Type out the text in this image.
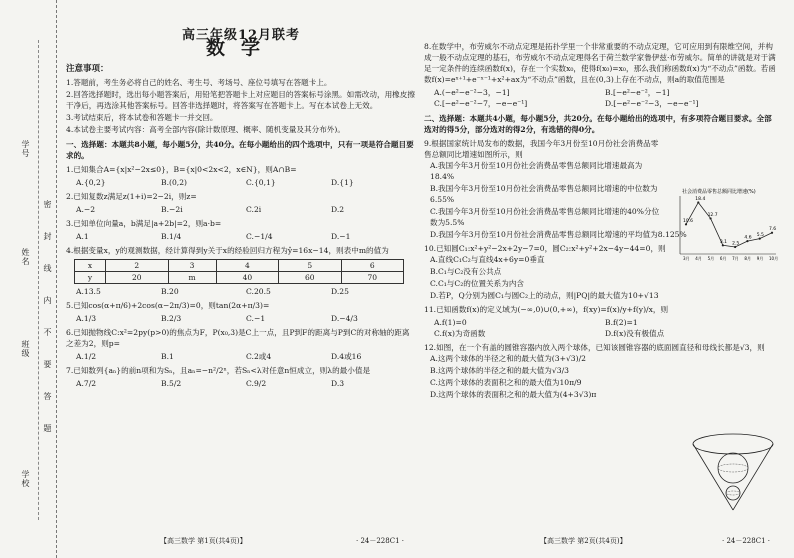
学号
姓名
班级
学校
密
封
线
内
不
要
答
题
高三年级12月联考
数学
注意事项：
1.答题前，考生务必将自己的姓名、考生号、考场号、座位号填写在答题卡上。
2.回答选择题时，选出每小题答案后，用铅笔把答题卡上对应题目的答案标号涂黑。如需改动，用橡皮擦干净后，再选涂其他答案标号。回答非选择题时，将答案写在答题卡上。写在本试卷上无效。
3.考试结束后，将本试卷和答题卡一并交回。
4.本试卷主要考试内容：高考全部内容(除计数原理、概率、随机变量及其分布外)。
一、选择题：本题共8小题，每小题5分，共40分。在每小题给出的四个选项中，只有一项是符合题目要求的。
1.已知集合A={x|x²−2x≤0}，B={x|0<2x<2，x∈N}，则A∩B=
A.{0,2}	B.(0,2)	C.{0,1}	D.{1}
2.已知复数z满足z(1+i)=2−2i，则z=
A.−2	B.−2i	C.2i	D.2
3.已知单位向量a，b满足|a+2b|=2，则a·b=
A.1	B.1/4	C.−1/4	D.−1
4.根据变量x，y的观测数据，经计算得到y关于x的经验回归方程为ŷ=16x−14，则表中m的值为
x	2	3	4	5	6
y	20	m	40	60	70
A.13.5	B.20	C.20.5	D.25
5.已知cos(α+π/6)+2cos(α−2π/3)=0，则tan(2α+π/3)=
A.1/3	B.2/3	C.−1	D.−4/3
6.已知抛物线C:x²=2py(p>0)的焦点为F，P(x₀,3)是C上一点，且P到F的距离与P到C的对称轴的距离之差为2，则p=
A.1/2	B.1	C.2或4	D.4或16
7.已知数列{aₙ}的前n项和为Sₙ，且aₙ=−n²/2ⁿ，若Sₙ<λ对任意n恒成立，则λ的最小值是
A.7/2	B.5/2	C.9/2	D.3
8.在数学中，布劳威尔不动点定理是拓扑学里一个非常重要的不动点定理，它可应用到有限维空间，并构成一般不动点定理的基石，布劳威尔不动点定理得名于荷兰数学家鲁伊兹·布劳威尔。简单的讲就是对于满足一定条件的连续函数f(x)，存在一个实数x₀，使得f(x₀)=x₀，那么我们称函数f(x)为“不动点”函数。若函数f(x)=eˣ⁺¹+e⁻ˣ⁻¹+x²+ax为“不动点”函数，且在(0,3)上存在不动点，则a的取值范围是
A.(−e²−e⁻²−3，−1]	B.[−e²−e⁻²，−1]
C.[−e²−e⁻²−7，−e−e⁻¹]	D.[−e²−e⁻²−3，−e−e⁻¹]
二、选择题：本题共4小题，每小题5分，共20分。在每小题给出的选项中，有多项符合题目要求。全部选对的得5分，部分选对的得2分，有选错的得0分。
9.根据国家统计局发布的数据，我国今年3月份至10月份社会消费品零售总额同比增速如图所示，则
A.我国今年3月份至10月份社会消费品零售总额同比增速最高为18.4%
B.我国今年3月份至10月份社会消费品零售总额同比增速的中位数为6.55%
C.我国今年3月份至10月份社会消费品零售总额同比增速的40%分位数为5.5%
D.我国今年3月份至10月份社会消费品零售总额同比增速的平均值为8.125%
10.已知圆C₁:x²+y²−2x+2y−7=0，圆C₂:x²+y²+2x−4y−44=0，则
A.直线C₁C₂与直线4x+6y=0垂直
B.C₁与C₂没有公共点
C.C₁与C₂的位置关系为内含
D.若P，Q分别为圆C₁与圆C₂上的动点，则|PQ|的最大值为10+√13
11.已知函数f(x)的定义域为(−∞,0)∪(0,+∞)，f(xy)=f(x)/y+f(y)/x，则
A.f(1)=0	B.f(2)=1
C.f(x)为奇函数	D.f(x)没有极值点
12.如图，在一个有盖的圆锥容器内放入两个球体，已知该圆锥容器的底面圆直径和母线长都是√3，则
A.这两个球体的半径之和的最大值为(3+√3)/2
B.这两个球体的半径之和的最大值为√3/3
C.这两个球体的表面积之和的最大值为10π/9
D.这两个球体的表面积之和的最大值为(4+3√3)π
社会消费品零售总额同比增速(%)
10.6
3月
18.4
4月
12.7
5月
3.1
6月
2.5
7月
4.6
8月
5.5
9月
7.6
10月
【高三数学 第1页(共4页)】	· 24－228C1 ·	【高三数学 第2页(共4页)】	· 24－228C1 ·
